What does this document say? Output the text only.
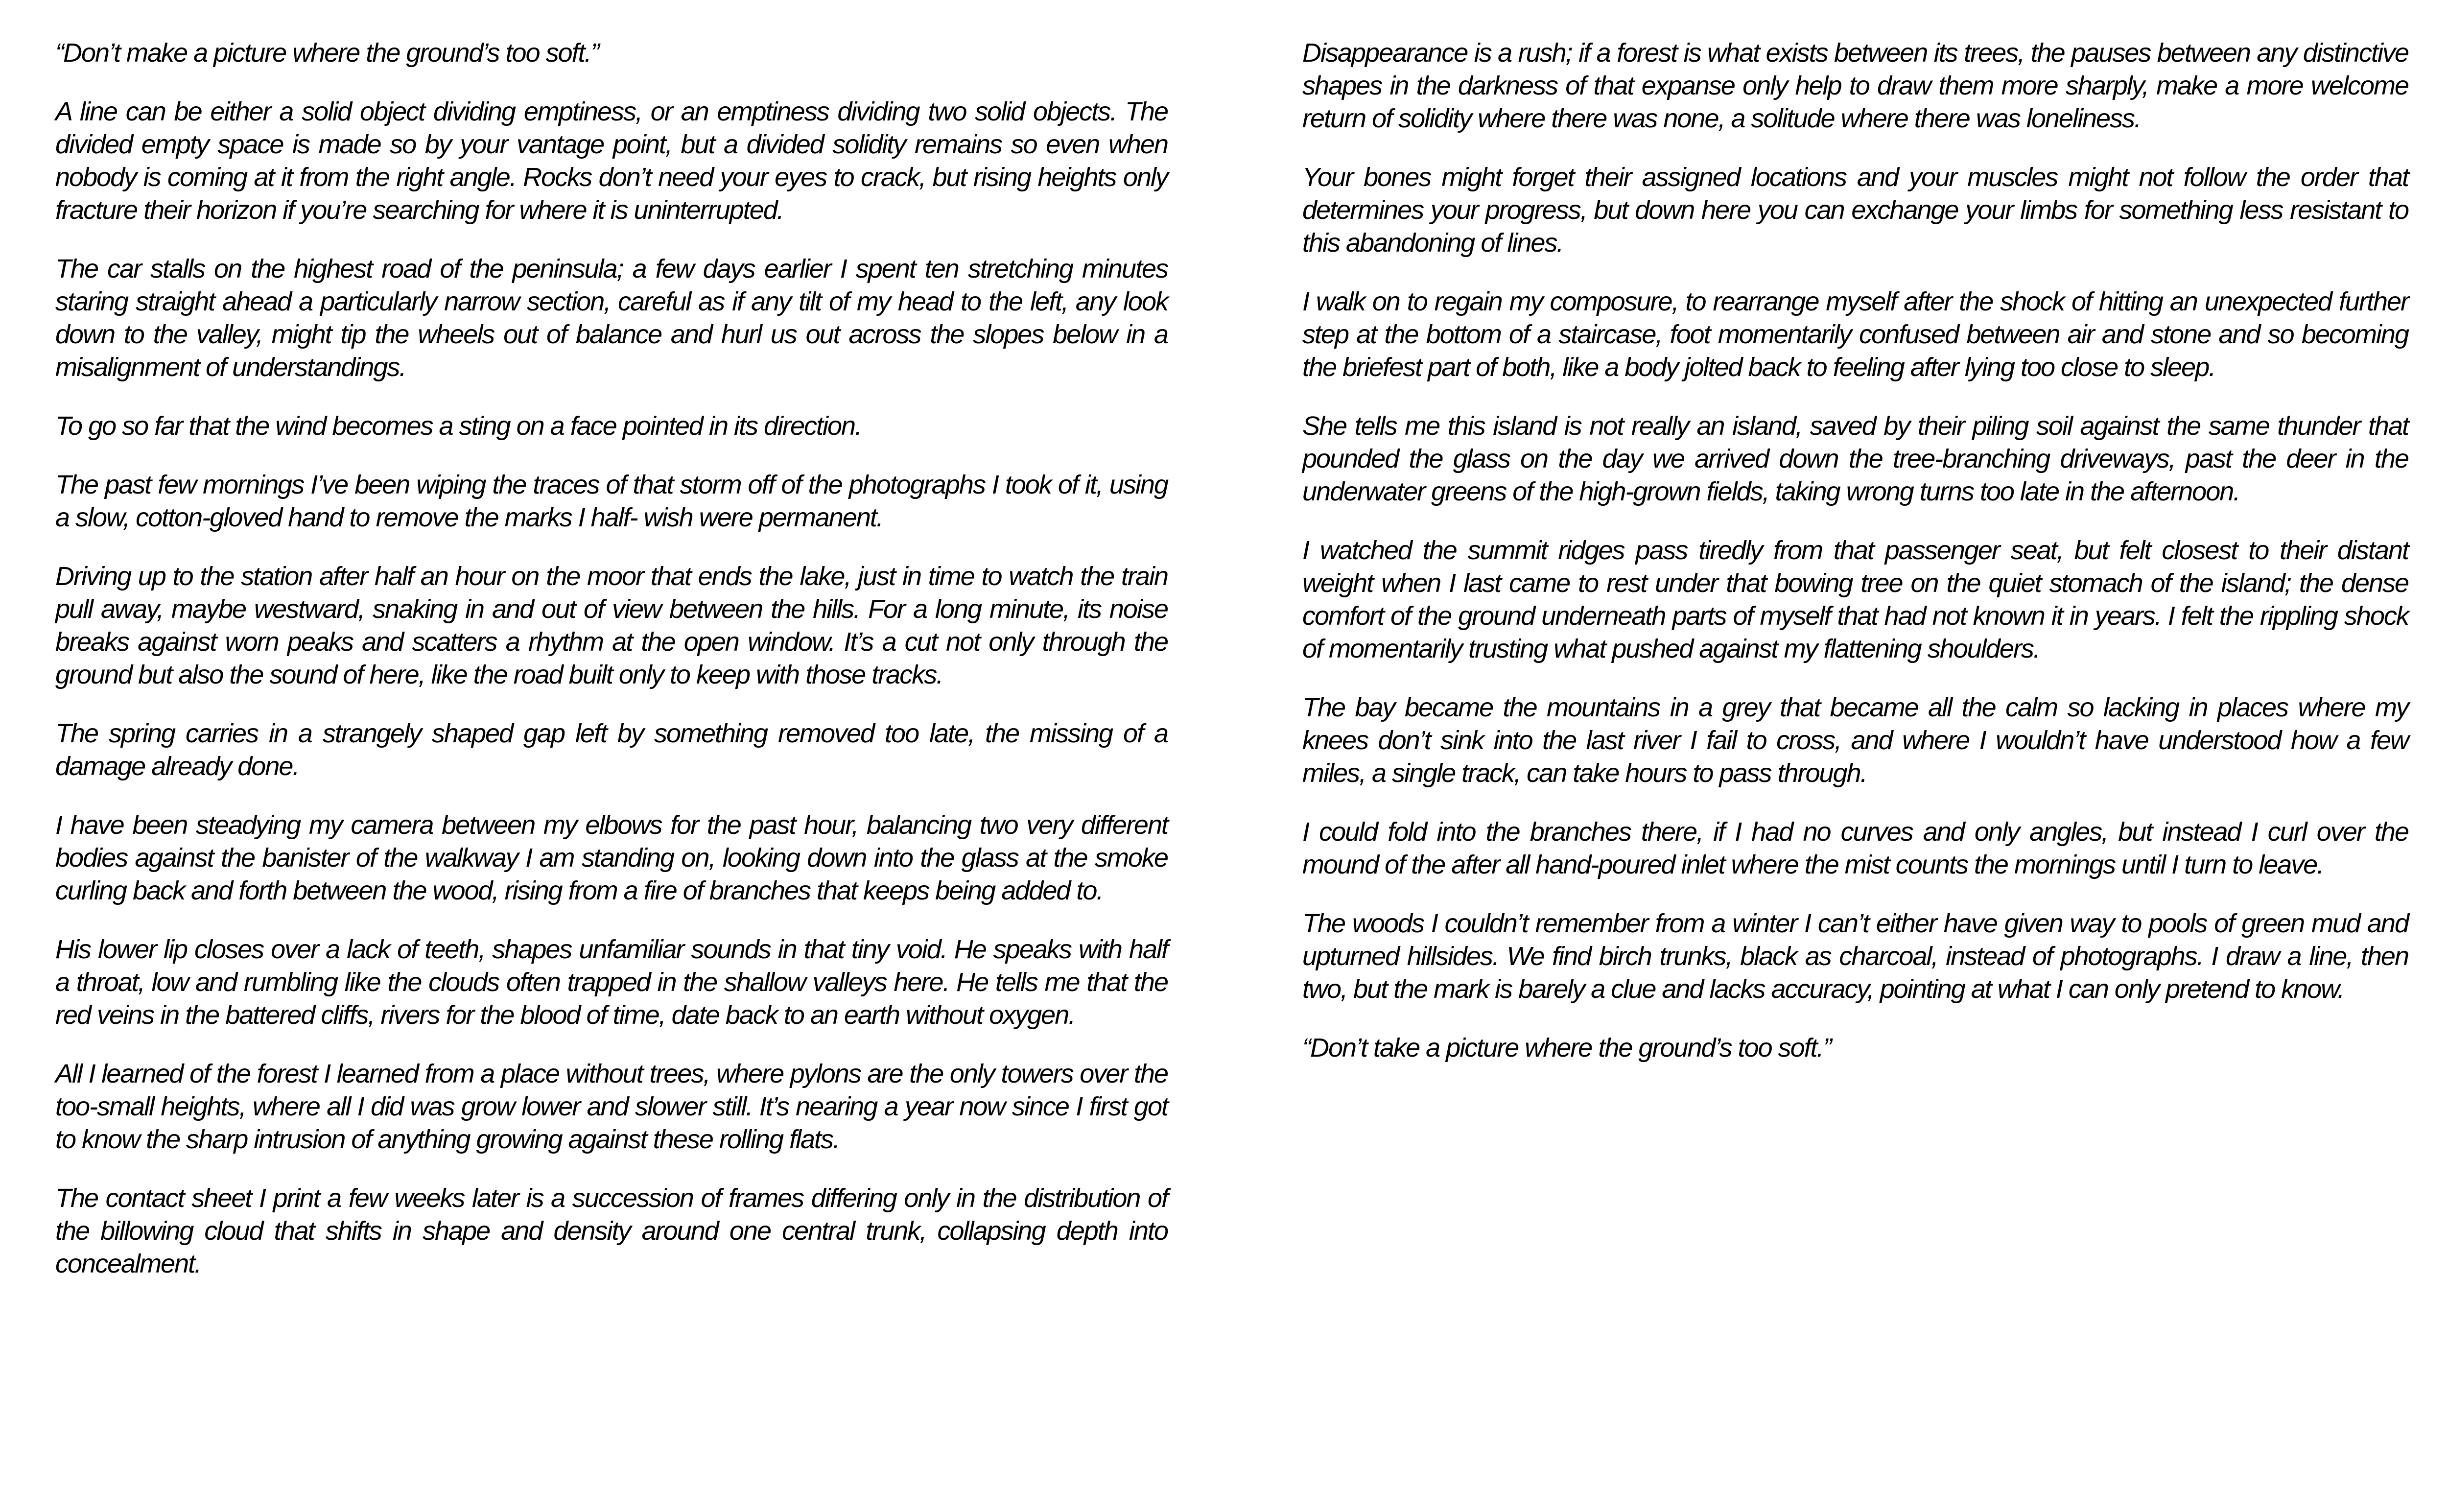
“Don’t make a picture where the ground’s too soft.”

A line can be either a solid object dividing emptiness, or an emptiness dividing two solid objects. The divided empty space is made so by your vantage point, but a divided solidity remains so even when nobody is coming at it from the right angle. Rocks don’t need your eyes to crack, but rising heights only fracture their horizon if you’re searching for where it is uninterrupted.

The car stalls on the highest road of the peninsula; a few days earlier I spent ten stretching minutes staring straight ahead a particularly narrow section, careful as if any tilt of my head to the left, any look down to the valley, might tip the wheels out of balance and hurl us out across the slopes below in a misalignment of understandings.

To go so far that the wind becomes a sting on a face pointed in its direction.

The past few mornings I’ve been wiping the traces of that storm off of the photographs I took of it, using a slow, cotton-gloved hand to remove the marks I half- wish were permanent.

Driving up to the station after half an hour on the moor that ends the lake, just in time to watch the train pull away, maybe westward, snaking in and out of view between the hills. For a long minute, its noise breaks against worn peaks and scatters a rhythm at the open window. It’s a cut not only through the ground but also the sound of here, like the road built only to keep with those tracks.

The spring carries in a strangely shaped gap left by something removed too late, the missing of a damage already done.

I have been steadying my camera between my elbows for the past hour, balancing two very different bodies against the banister of the walkway I am standing on, looking down into the glass at the smoke curling back and forth between the wood, rising from a fire of branches that keeps being added to.

His lower lip closes over a lack of teeth, shapes unfamiliar sounds in that tiny void. He speaks with half a throat, low and rumbling like the clouds often trapped in the shallow valleys here. He tells me that the red veins in the battered cliffs, rivers for the blood of time, date back to an earth without oxygen.

All I learned of the forest I learned from a place without trees, where pylons are the only towers over the too-small heights, where all I did was grow lower and slower still. It’s nearing a year now since I first got to know the sharp intrusion of anything growing against these rolling flats.

The contact sheet I print a few weeks later is a succession of frames differing only in the distribution of the billowing cloud that shifts in shape and density around one central trunk, collapsing depth into concealment.

Disappearance is a rush; if a forest is what exists between its trees, the pauses between any distinctive shapes in the darkness of that expanse only help to draw them more sharply, make a more welcome return of solidity where there was none, a solitude where there was loneliness.

Your bones might forget their assigned locations and your muscles might not follow the order that determines your progress, but down here you can exchange your limbs for something less resistant to this abandoning of lines.

I walk on to regain my composure, to rearrange myself after the shock of hitting an unexpected further step at the bottom of a staircase, foot momentarily confused between air and stone and so becoming the briefest part of both, like a body jolted back to feeling after lying too close to sleep.

She tells me this island is not really an island, saved by their piling soil against the same thunder that pounded the glass on the day we arrived down the tree-branching driveways, past the deer in the underwater greens of the high-grown fields, taking wrong turns too late in the afternoon.

I watched the summit ridges pass tiredly from that passenger seat, but felt closest to their distant weight when I last came to rest under that bowing tree on the quiet stomach of the island; the dense comfort of the ground underneath parts of myself that had not known it in years. I felt the rippling shock of momentarily trusting what pushed against my flattening shoulders.

The bay became the mountains in a grey that became all the calm so lacking in places where my knees don’t sink into the last river I fail to cross, and where I wouldn’t have understood how a few miles, a single track, can take hours to pass through.

I could fold into the branches there, if I had no curves and only angles, but instead I curl over the mound of the after all hand-poured inlet where the mist counts the mornings until I turn to leave.

The woods I couldn’t remember from a winter I can’t either have given way to pools of green mud and upturned hillsides. We find birch trunks, black as charcoal, instead of photographs. I draw a line, then two, but the mark is barely a clue and lacks accuracy, pointing at what I can only pretend to know.

“Don’t take a picture where the ground’s too soft.”
